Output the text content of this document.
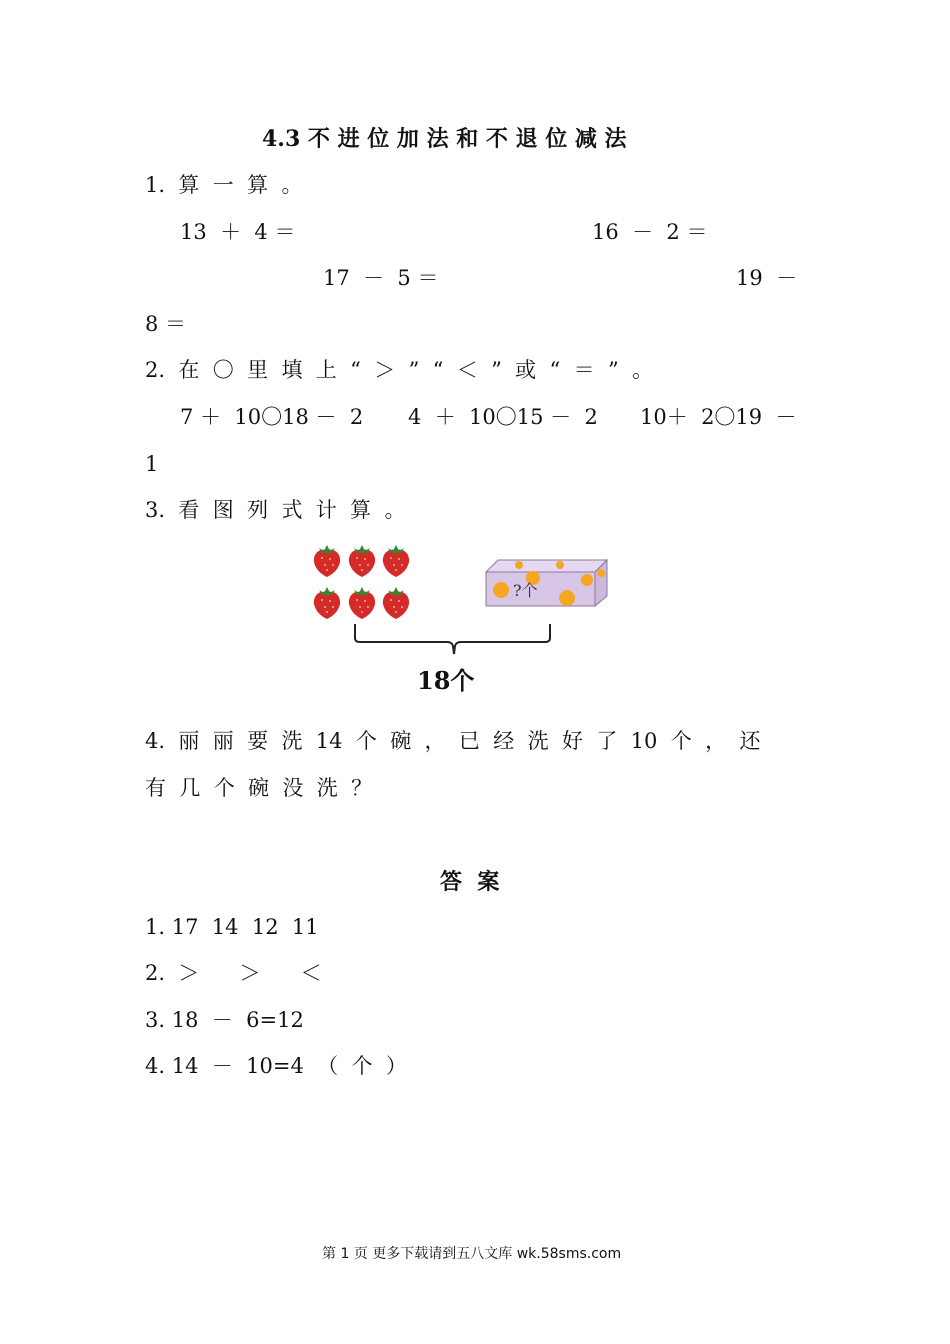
4.3 不 进 位 加 法 和 不 退 位 减 法
1.  算  一  算  。
13  ＋  4 ＝	16  －  2 ＝
17  －  5 ＝	19  －
8 ＝
2.  在  〇  里  填  上  “  ＞  ”  “  ＜  ”  或  “  ＝  ”  。
7 ＋  10〇18 －  2 4  ＋  10〇15 －  2 10＋  2〇19  －
1
3.  看  图  列  式  计  算  。
?个
18个
4.  丽  丽  要  洗  14  个  碗  ，  已  经  洗  好  了  10  个  ，  还
有  几  个  碗  没  洗  ？
答  案
1. 17  14  12  11
2.  ＞      ＞      ＜
3. 18  －  6=12
4. 14  －  10=4  （  个  ）
第 1 页 更多下载请到五八文库 wk.58sms.com
